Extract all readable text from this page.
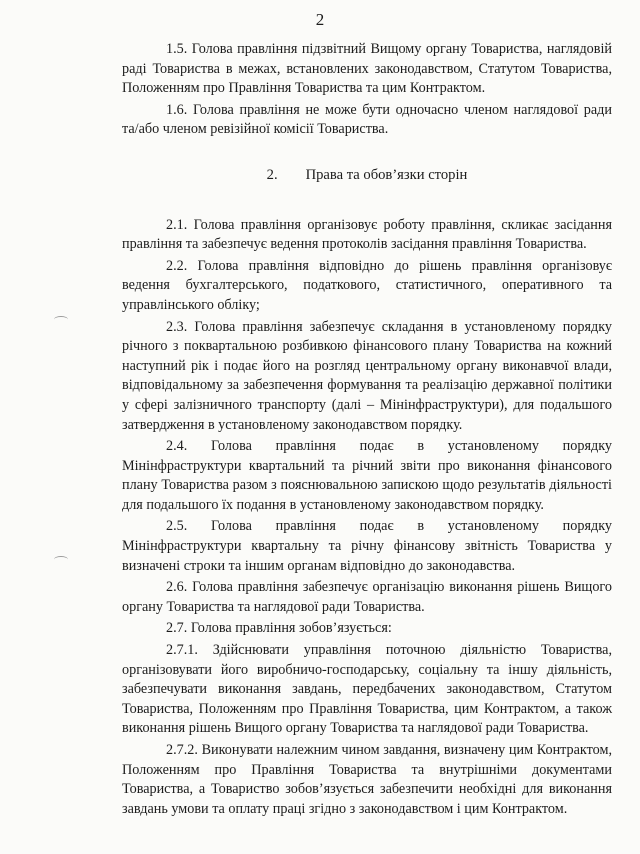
2

1.5. Голова правління підзвітний Вищому органу Товариства, наглядовій раді Товариства в межах, встановлених законодавством, Статутом Товариства, Положенням про Правління Товариства та цим Контрактом.

1.6. Голова правління не може бути одночасно членом наглядової ради та/або членом ревізійної комісії Товариства.

2. Права та обов’язки сторін

2.1. Голова правління організовує роботу правління, скликає засідання правління та забезпечує ведення протоколів засідання правління Товариства.

2.2. Голова правління відповідно до рішень правління організовує ведення бухгалтерського, податкового, статистичного, оперативного та управлінського обліку;

2.3. Голова правління забезпечує складання в установленому порядку річного з поквартальною розбивкою фінансового плану Товариства на кожний наступний рік і подає його на розгляд центральному органу виконавчої влади, відповідальному за забезпечення формування та реалізацію державної політики у сфері залізничного транспорту (далі – Мінінфраструктури), для подальшого затвердження в установленому законодавством порядку.

2.4. Голова правління подає в установленому порядку Мінінфраструктури квартальний та річний звіти про виконання фінансового плану Товариства разом з пояснювальною запискою щодо результатів діяльності для подальшого їх подання в установленому законодавством порядку.

2.5. Голова правління подає в установленому порядку Мінінфраструктури квартальну та річну фінансову звітність Товариства у визначені строки та іншим органам відповідно до законодавства.

2.6. Голова правління забезпечує організацію виконання рішень Вищого органу Товариства та наглядової ради Товариства.

2.7. Голова правління зобов’язується:

2.7.1. Здійснювати управління поточною діяльністю Товариства, організовувати його виробничо-господарську, соціальну та іншу діяльність, забезпечувати виконання завдань, передбачених законодавством, Статутом Товариства, Положенням про Правління Товариства, цим Контрактом, а також виконання рішень Вищого органу Товариства та наглядової ради Товариства.

2.7.2. Виконувати належним чином завдання, визначену цим Контрактом, Положенням про Правління Товариства та внутрішніми документами Товариства, а Товариство зобов’язується забезпечити необхідні для виконання завдань умови та оплату праці згідно з законодавством і цим Контрактом.
